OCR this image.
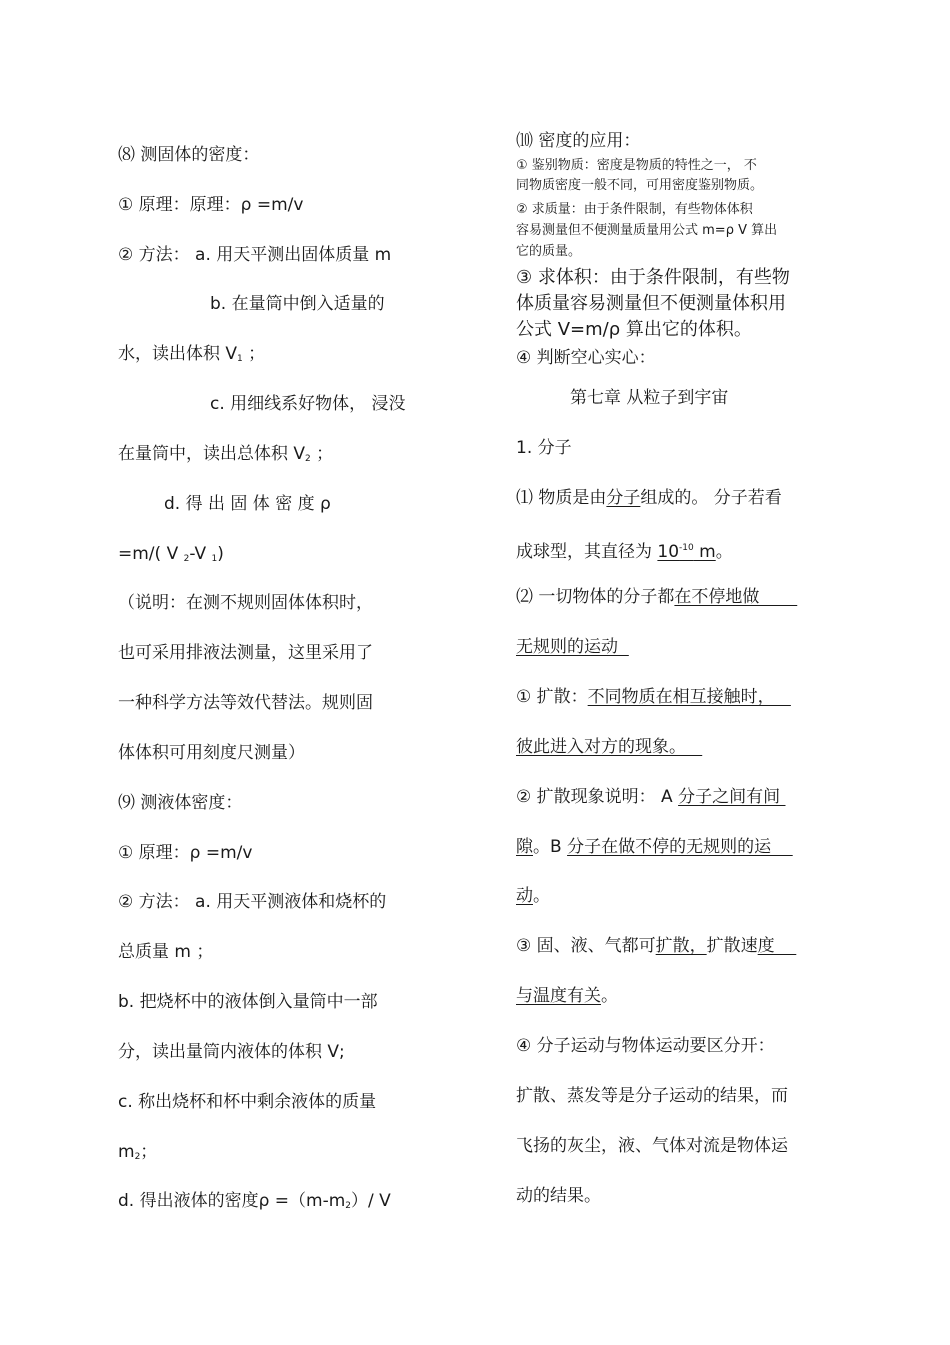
⑻ 测固体的密度：
① 原理：原理：ρ =m/v
② 方法： a. 用天平测出固体质量 m
b. 在量筒中倒入适量的
水，读出体积 $V_1$ ；
c. 用细线系好物体， 浸没
在量筒中，读出总体积 $V_2$ ；
d. 得 出 固 体 密 度 ρ
=m/( V $_2$-V $_1$)
（说明：在测不规则固体体积时，
也可采用排液法测量，这里采用了
一种科学方法等效代替法。规则固
体体积可用刻度尺测量）
⑼ 测液体密度：
① 原理：ρ =m/v
② 方法： a. 用天平测液体和烧杯的
总质量 m ；
b. 把烧杯中的液体倒入量筒中一部
分，读出量筒内液体的体积 V;
c. 称出烧杯和杯中剩余液体的质量
$m_2$；
d. 得出液体的密度$\rho =(m-m_2)/$ V
⑽ 密度的应用：
① 鉴别物质：密度是物质的特性之一， 不
同物质密度一般不同，可用密度鉴别物质。
② 求质量：由于条件限制，有些物体体积
容易测量但不便测量质量用公式 m=ρ V 算出
它的质量。
③ 求体积：由于条件限制，有些物
体质量容易测量但不便测量体积用
公式 V=m/ρ 算出它的体积。
④ 判断空心实心：
第七章 从粒子到宇宙
1. 分子
⑴ 物质是由分子组成的。 分子若看
成球型，其直径为 $10^{-10}$ m。
⑵ 一切物体的分子都在不停地做
无规则的运动
① 扩散：不同物质在相互接触时，
彼此进入对方的现象。
② 扩散现象说明： A 分子之间有间
隙。B 分子在做不停的无规则的运
动。
③ 固、液、气都可扩散，扩散速度
与温度有关。
④ 分子运动与物体运动要区分开：
扩散、蒸发等是分子运动的结果，而
飞扬的灰尘，液、气体对流是物体运
动的结果。
